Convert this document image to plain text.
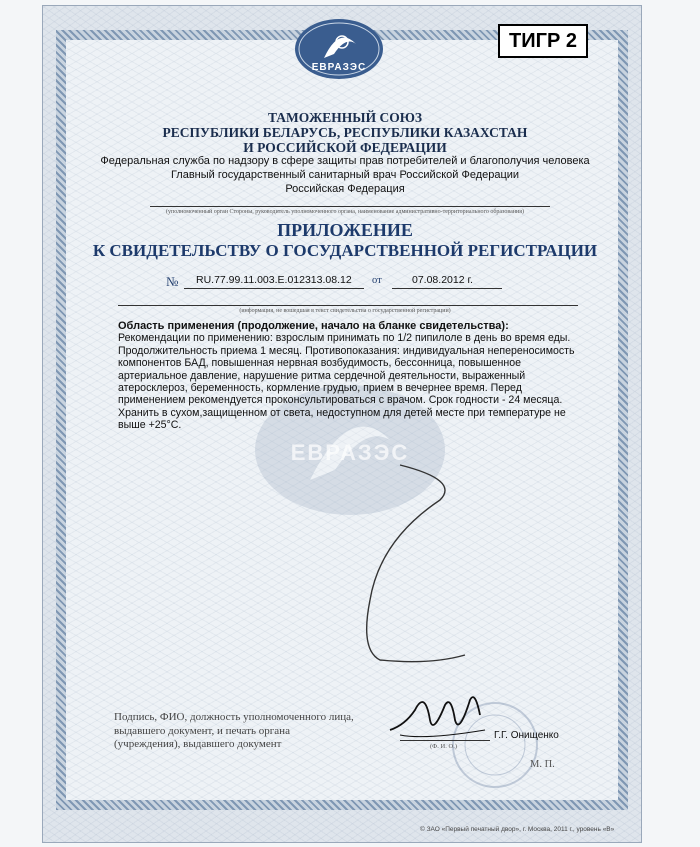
ЕВРАЗЭС
ТИГР 2
ТАМОЖЕННЫЙ СОЮЗ
РЕСПУБЛИКИ БЕЛАРУСЬ, РЕСПУБЛИКИ КАЗАХСТАН
И РОССИЙСКОЙ ФЕДЕРАЦИИ
Федеральная служба по надзору в сфере защиты прав потребителей и благополучия человека
Главный государственный санитарный врач Российской Федерации
Российская Федерация
(уполномоченный орган Стороны, руководитель уполномоченного органа, наименование административно-территориального образования)
ПРИЛОЖЕНИЕ
К СВИДЕТЕЛЬСТВУ О ГОСУДАРСТВЕННОЙ РЕГИСТРАЦИИ
№ RU.77.99.11.003.Е.012313.08.12 от	07.08.2012 г.
(информация, не вошедшая в текст свидетельства о государственной регистрации)
ЕВРАЗЭС
Область применения (продолжение, начало на бланке свидетельства):
Рекомендации по применению: взрослым принимать по 1/2 пипилоле в день во время еды. Продолжительность приема 1 месяц. Противопоказания: индивидуальная непереносимость компонентов БАД, повышенная нервная возбудимость, бессонница, повышенное артериальное давление, нарушение ритма сердечной деятельности, выраженный атеросклероз, беременность, кормление грудью, прием в вечернее время. Перед применением рекомендуется проконсультироваться с врачом. Срок годности - 24 месяца. Хранить в сухом,защищенном от света, недоступном для детей месте при температуре не выше +25°С.
Подпись, ФИО, должность уполномоченного лица, выдавшего документ, и печать органа (учреждения), выдавшего документ	(Ф. И. О.)
Г.Г. Онищенко
М. П.
© ЗАО «Первый печатный двор», г. Москва, 2011 г., уровень «В»
